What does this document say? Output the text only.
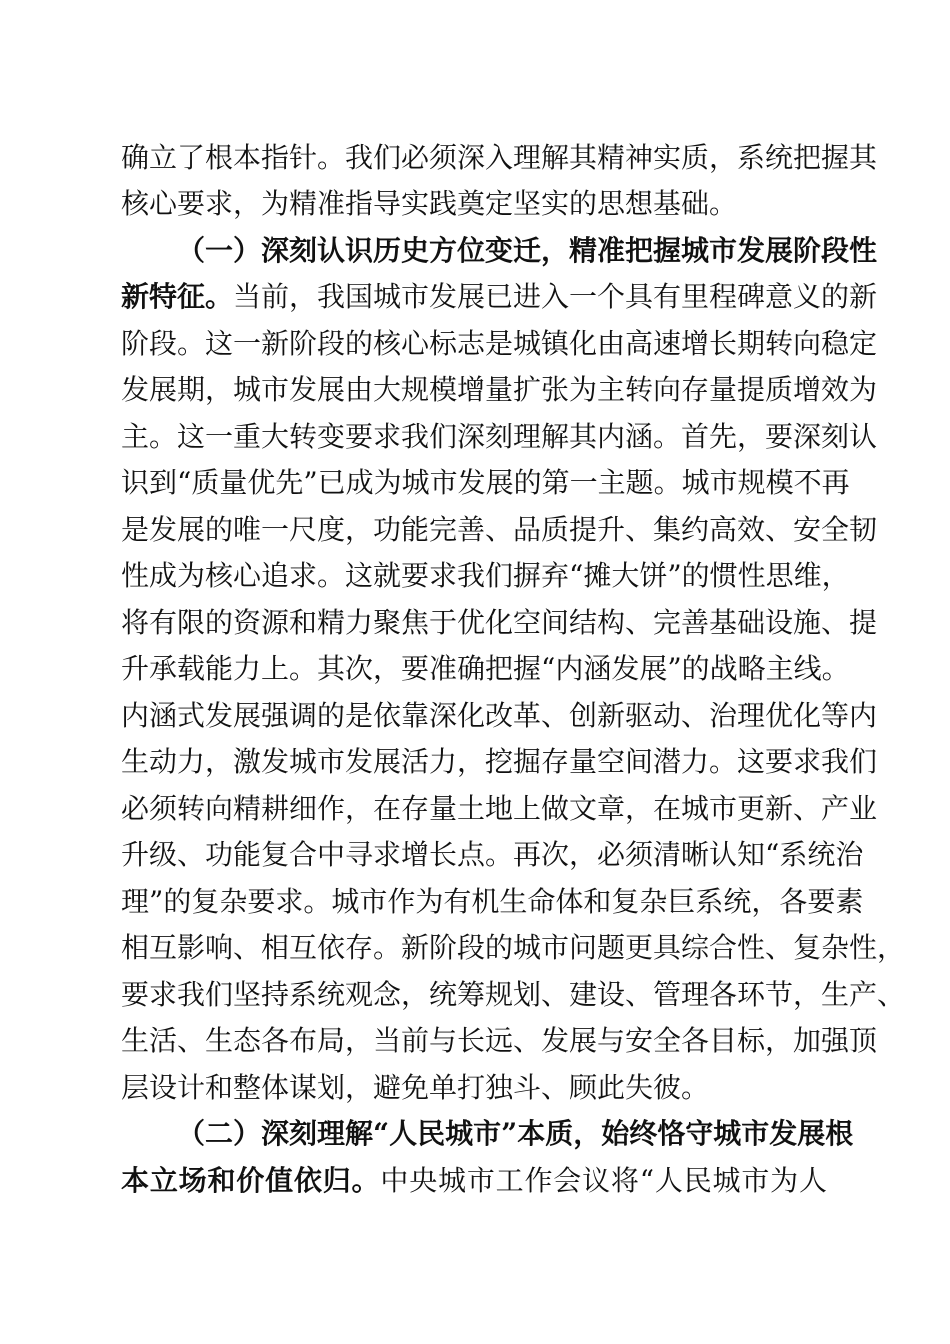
确立了根本指针。我们必须深入理解其精神实质，系统把握其
核心要求，为精准指导实践奠定坚实的思想基础。
（一）深刻认识历史方位变迁，精准把握城市发展阶段性
新特征。当前，我国城市发展已进入一个具有里程碑意义的新
阶段。这一新阶段的核心标志是城镇化由高速增长期转向稳定
发展期，城市发展由大规模增量扩张为主转向存量提质增效为
主。这一重大转变要求我们深刻理解其内涵。首先，要深刻认
识到“质量优先”已成为城市发展的第一主题。城市规模不再
是发展的唯一尺度，功能完善、品质提升、集约高效、安全韧
性成为核心追求。这就要求我们摒弃“摊大饼”的惯性思维，
将有限的资源和精力聚焦于优化空间结构、完善基础设施、提
升承载能力上。其次，要准确把握“内涵发展”的战略主线。
内涵式发展强调的是依靠深化改革、创新驱动、治理优化等内
生动力，激发城市发展活力，挖掘存量空间潜力。这要求我们
必须转向精耕细作，在存量土地上做文章，在城市更新、产业
升级、功能复合中寻求增长点。再次，必须清晰认知“系统治
理”的复杂要求。城市作为有机生命体和复杂巨系统，各要素
相互影响、相互依存。新阶段的城市问题更具综合性、复杂性，
要求我们坚持系统观念，统筹规划、建设、管理各环节，生产、
生活、生态各布局，当前与长远、发展与安全各目标，加强顶
层设计和整体谋划，避免单打独斗、顾此失彼。
（二）深刻理解“人民城市”本质，始终恪守城市发展根
本立场和价值依归。中央城市工作会议将“人民城市为人
